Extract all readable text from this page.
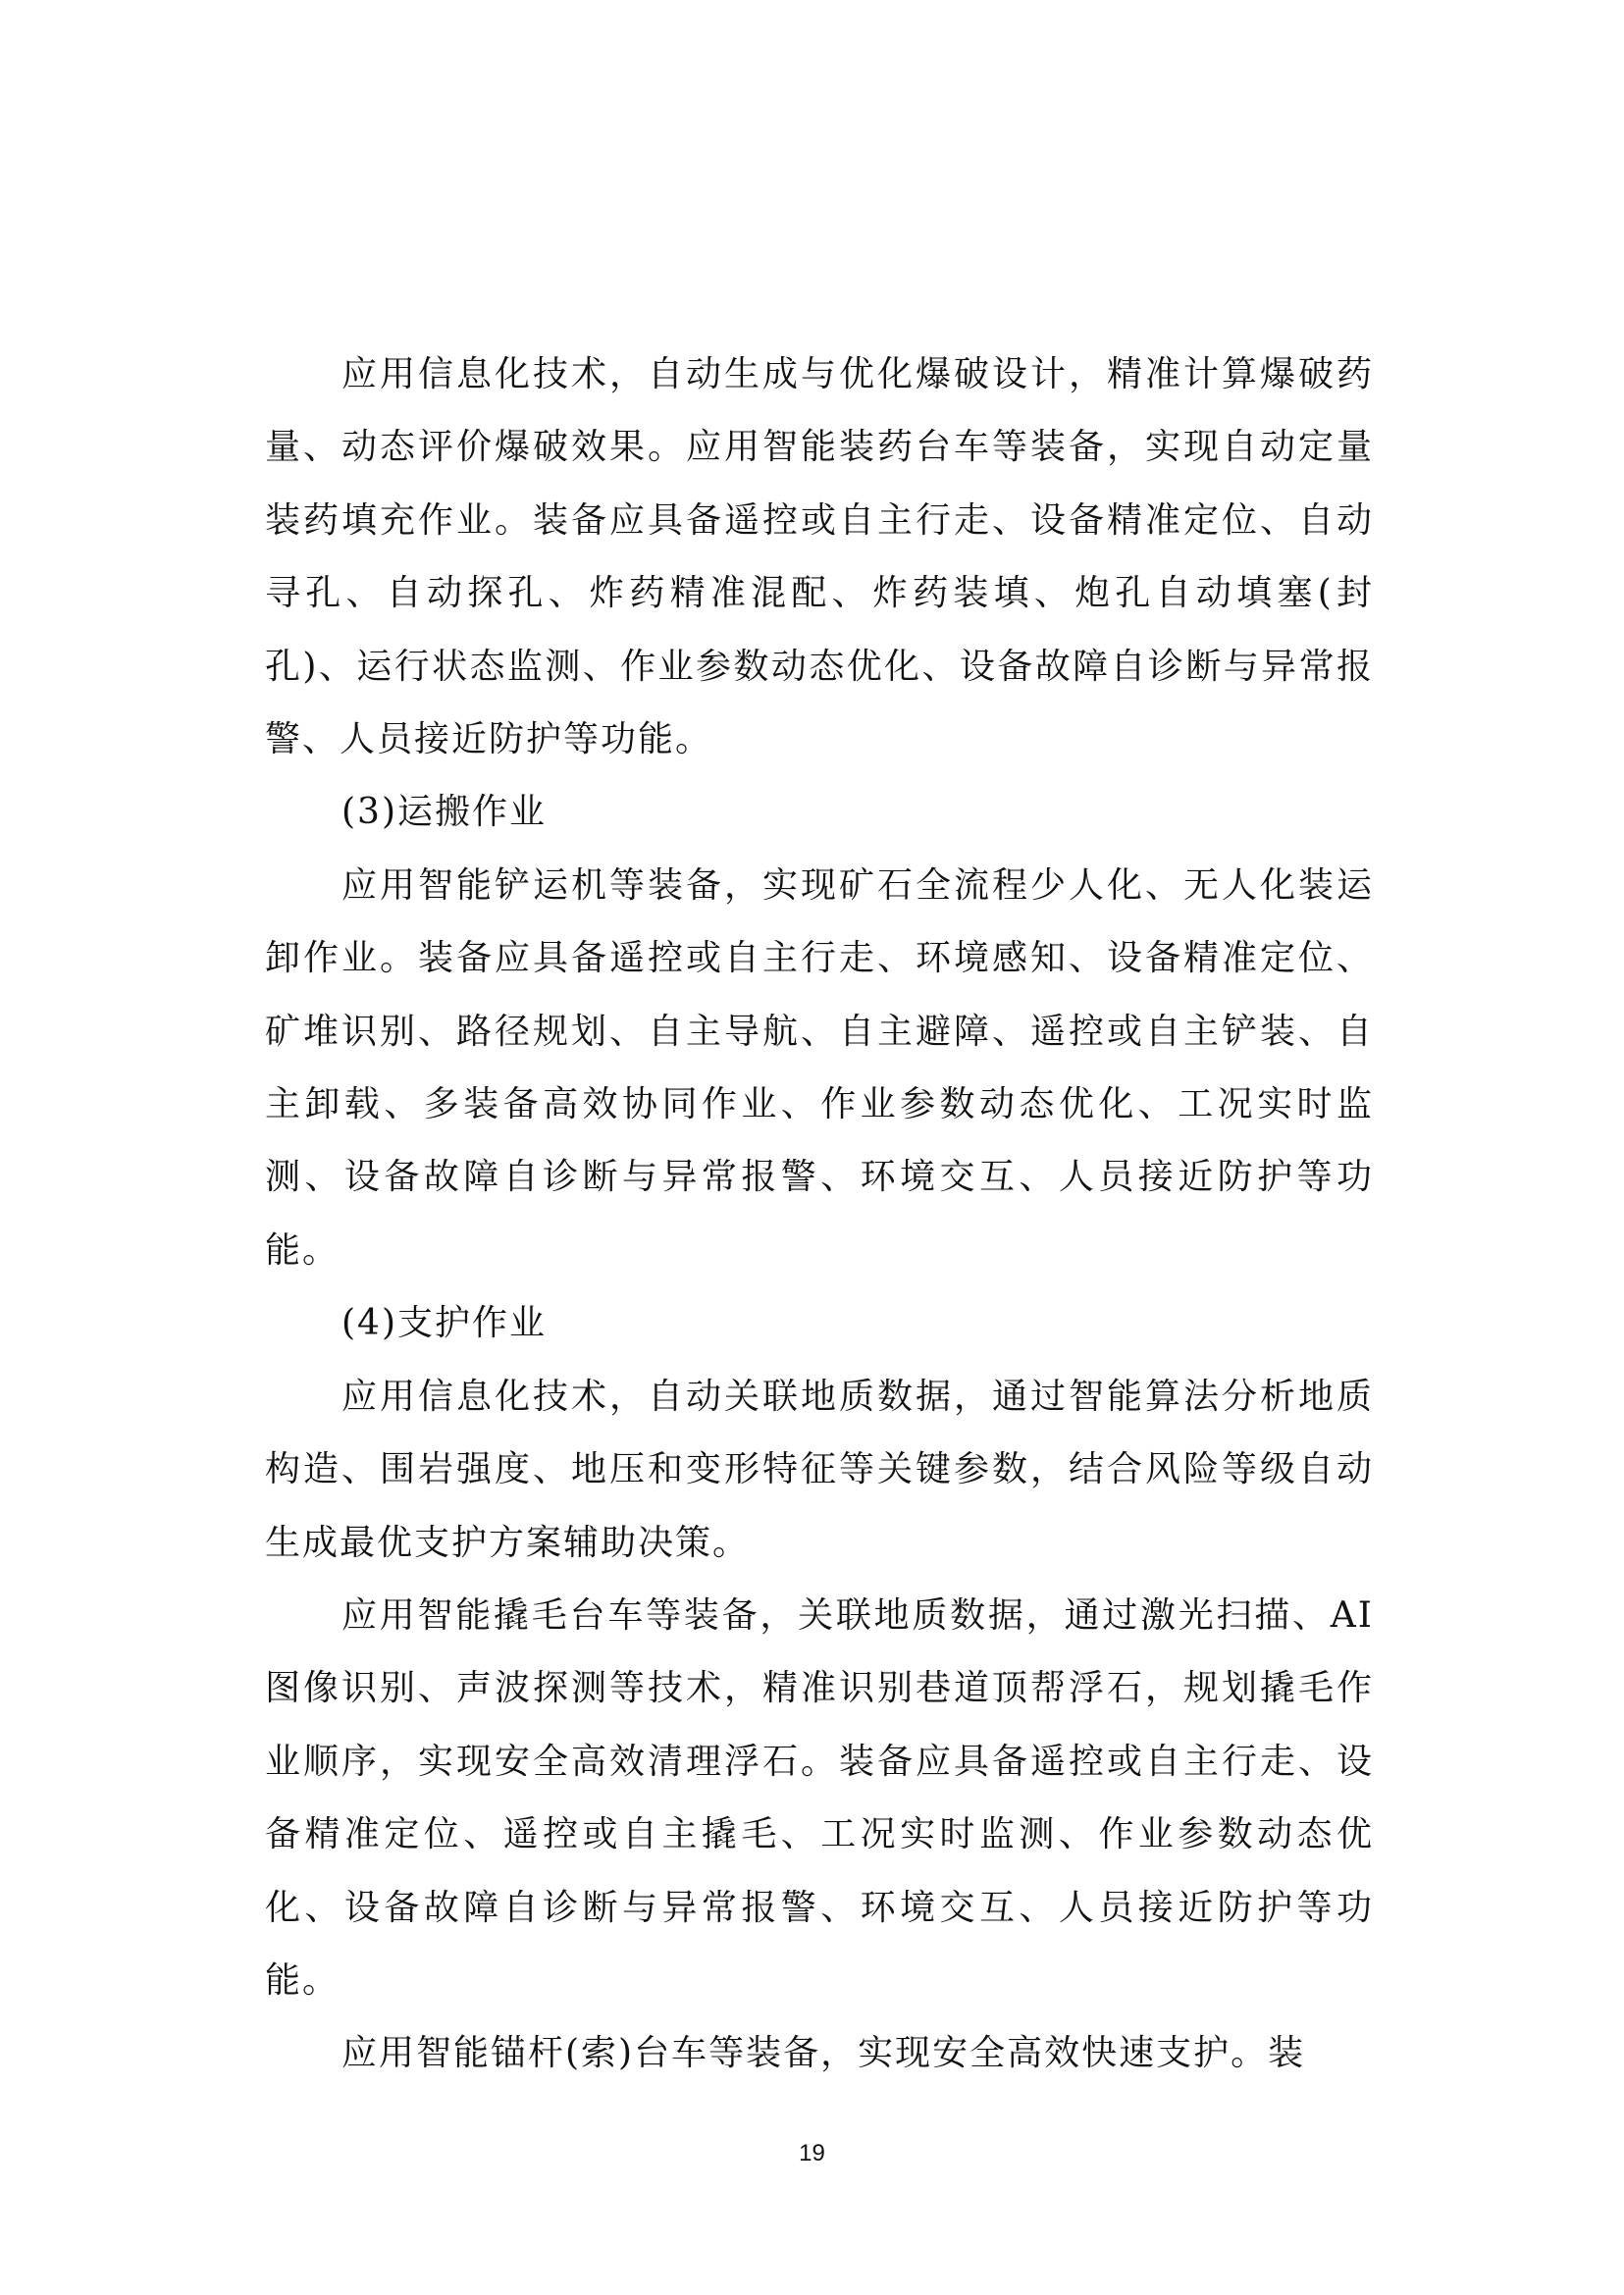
应用信息化技术，自动生成与优化爆破设计，精准计算爆破药量、动态评价爆破效果。应用智能装药台车等装备，实现自动定量装药填充作业。装备应具备遥控或自主行走、设备精准定位、自动寻孔、自动探孔、炸药精准混配、炸药装填、炮孔自动填塞(封孔)、运行状态监测、作业参数动态优化、设备故障自诊断与异常报警、人员接近防护等功能。

(3)运搬作业

应用智能铲运机等装备，实现矿石全流程少人化、无人化装运卸作业。装备应具备遥控或自主行走、环境感知、设备精准定位、矿堆识别、路径规划、自主导航、自主避障、遥控或自主铲装、自主卸载、多装备高效协同作业、作业参数动态优化、工况实时监测、设备故障自诊断与异常报警、环境交互、人员接近防护等功能。

(4)支护作业

应用信息化技术，自动关联地质数据，通过智能算法分析地质构造、围岩强度、地压和变形特征等关键参数，结合风险等级自动生成最优支护方案辅助决策。

应用智能撬毛台车等装备，关联地质数据，通过激光扫描、AI图像识别、声波探测等技术，精准识别巷道顶帮浮石，规划撬毛作业顺序，实现安全高效清理浮石。装备应具备遥控或自主行走、设备精准定位、遥控或自主撬毛、工况实时监测、作业参数动态优化、设备故障自诊断与异常报警、环境交互、人员接近防护等功能。

应用智能锚杆(索)台车等装备，实现安全高效快速支护。装

19
